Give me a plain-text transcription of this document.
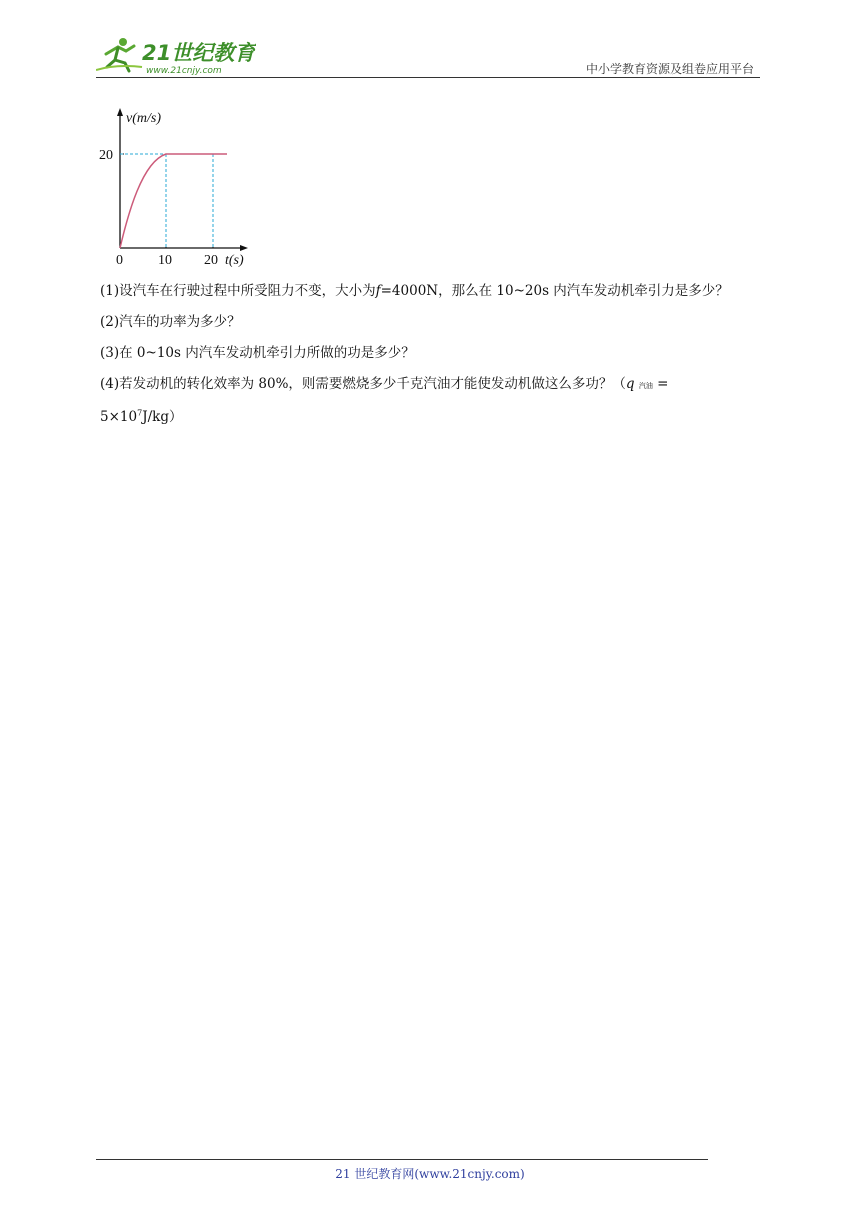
21世纪教育
www.21cnjy.com	中小学教育资源及组卷应用平台
v(m/s)
20
0	10 20 t(s)

(1)设汽车在行驶过程中所受阻力不变，大小为f=4000N，那么在 10~20s 内汽车发动机牵引力是多少？

(2)汽车的功率为多少？

(3)在 0~10s 内汽车发动机牵引力所做的功是多少？

(4)若发动机的转化效率为 80%，则需要燃烧多少千克汽油才能使发动机做这么多功？（q 汽油 =

$5\times 10^7J/kg$）

21 世纪教育网(www.21cnjy.com)
